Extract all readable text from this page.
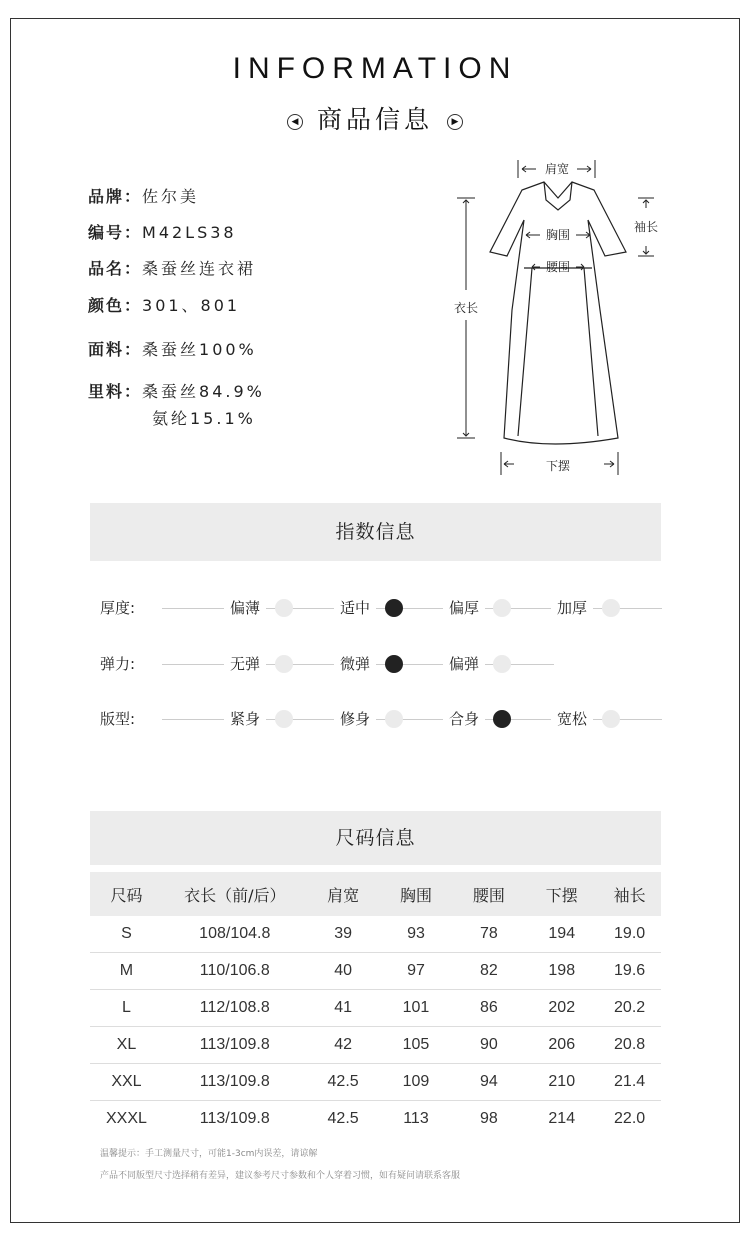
INFORMATION
◀ 商品信息 ▶
品牌：佐尔美
编号：M42LS38
品名：桑蚕丝连衣裙
颜色：301、801
面料：桑蚕丝100%
里料：桑蚕丝84.9%
氨纶15.1%
肩宽
袖长
胸围
腰围
衣长
下摆
指数信息
厚度:	偏薄	适中	偏厚	加厚
弹力:	无弹	微弹	偏弹
版型:	紧身	修身	合身	宽松
尺码信息
尺码	衣长（前/后）	肩宽	胸围	腰围	下摆	袖长
S	108/104.8	39	93	78	194	19.0
M	110/106.8	40	97	82	198	19.6
L	112/108.8	41	101	86	202	20.2
XL	113/109.8	42	105	90	206	20.8
XXL	113/109.8	42.5	109	94	210	21.4
XXXL	113/109.8	42.5	113	98	214	22.0
温馨提示：手工测量尺寸，可能1-3cm内误差，请谅解
产品不同版型尺寸选择稍有差异，建议参考尺寸参数和个人穿着习惯，如有疑问请联系客服
